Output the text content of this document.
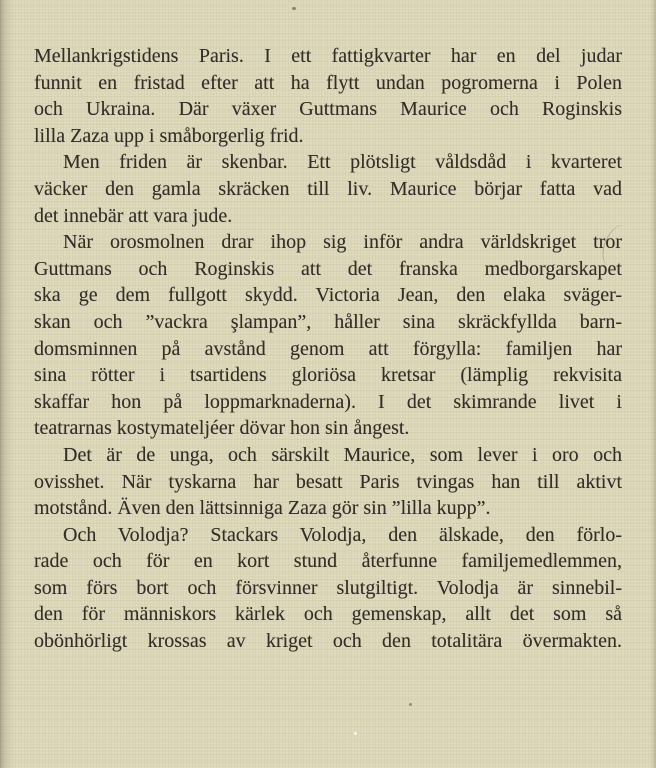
Mellankrigstidens Paris. I ett fattigkvarter har en del judar
funnit en fristad efter att ha flytt undan pogromerna i Polen
och Ukraina. Där växer Guttmans Maurice och Roginskis
lilla Zaza upp i småborgerlig frid.
Men friden är skenbar. Ett plötsligt våldsdåd i kvarteret
väcker den gamla skräcken till liv. Maurice börjar fatta vad
det innebär att vara jude.
När orosmolnen drar ihop sig inför andra världskriget tror
Guttmans och Roginskis att det franska medborgarskapet
ska ge dem fullgott skydd. Victoria Jean, den elaka sväger-
skan och ”vackra şlampan”, håller sina skräckfyllda barn-
domsminnen på avstånd genom att förgylla: familjen har
sina rötter i tsartidens gloriösa kretsar (lämplig rekvisita
skaffar hon på loppmarknaderna). I det skimrande livet i
teatrarnas kostymateljéer dövar hon sin ångest.
Det är de unga, och särskilt Maurice, som lever i oro och
ovisshet. När tyskarna har besatt Paris tvingas han till aktivt
motstånd. Även den lättsinniga Zaza gör sin ”lilla kupp”.
Och Volodja? Stackars Volodja, den älskade, den förlo-
rade och för en kort stund återfunne familjemedlemmen,
som förs bort och försvinner slutgiltigt. Volodja är sinnebil-
den för människors kärlek och gemenskap, allt det som så
obönhörligt krossas av kriget och den totalitära övermakten.
